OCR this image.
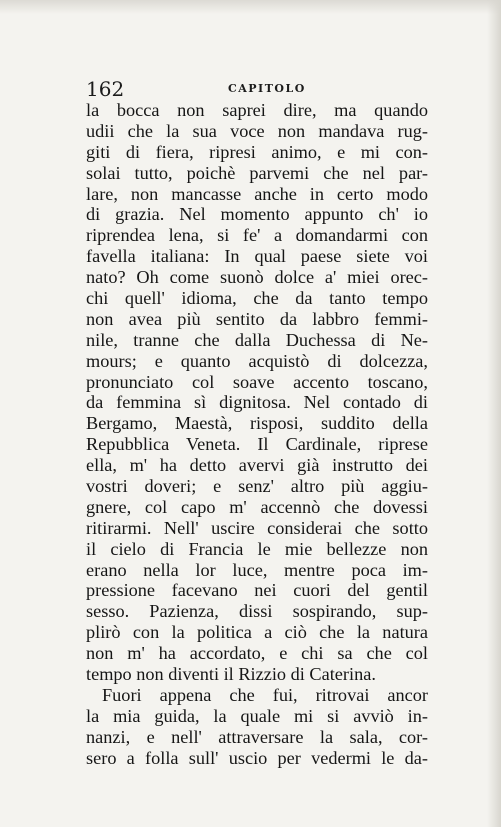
162	CAPITOLO
la bocca non saprei dire, ma quando
udii che la sua voce non mandava rug-
giti di fiera, ripresi animo, e mi con-
solai tutto, poichè parvemi che nel par-
lare, non mancasse anche in certo modo
di grazia. Nel momento appunto ch' io
riprendea lena, si fe' a domandarmi con
favella italiana: In qual paese siete voi
nato? Oh come suonò dolce a' miei orec-
chi quell' idioma, che da tanto tempo
non avea più sentito da labbro femmi-
nile, tranne che dalla Duchessa di Ne-
mours; e quanto acquistò di dolcezza,
pronunciato col soave accento toscano,
da femmina sì dignitosa. Nel contado di
Bergamo, Maestà, risposi, suddito della
Repubblica Veneta. Il Cardinale, riprese
ella, m' ha detto avervi già instrutto dei
vostri doveri; e senz' altro più aggiu-
gnere, col capo m' accennò che dovessi
ritirarmi. Nell' uscire considerai che sotto
il cielo di Francia le mie bellezze non
erano nella lor luce, mentre poca im-
pressione facevano nei cuori del gentil
sesso. Pazienza, dissi sospirando, sup-
plirò con la politica a ciò che la natura
non m' ha accordato, e chi sa che col
tempo non diventi il Rizzio di Caterina.
Fuori appena che fui, ritrovai ancor
la mia guida, la quale mi si avviò in-
nanzi, e nell' attraversare la sala, cor-
sero a folla sull' uscio per vedermi le da-
